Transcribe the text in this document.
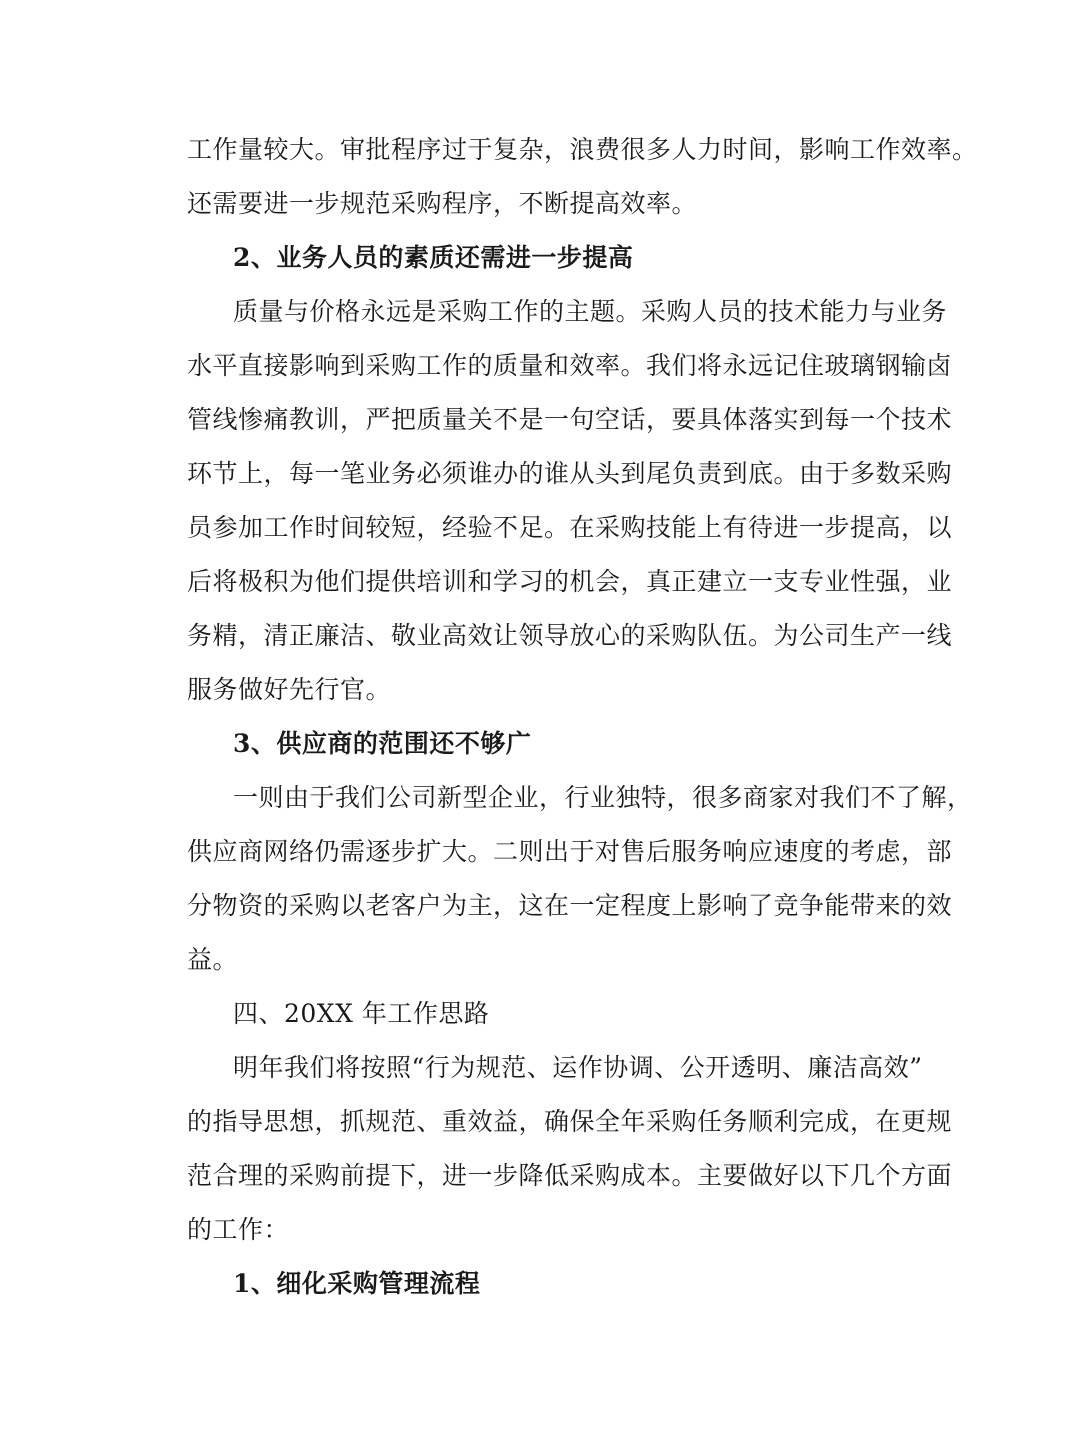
工作量较大。审批程序过于复杂，浪费很多人力时间，影响工作效率。
还需要进一步规范采购程序，不断提高效率。
2、业务人员的素质还需进一步提高
质量与价格永远是采购工作的主题。采购人员的技术能力与业务
水平直接影响到采购工作的质量和效率。我们将永远记住玻璃钢输卤
管线惨痛教训，严把质量关不是一句空话，要具体落实到每一个技术
环节上，每一笔业务必须谁办的谁从头到尾负责到底。由于多数采购
员参加工作时间较短，经验不足。在采购技能上有待进一步提高，以
后将极积为他们提供培训和学习的机会，真正建立一支专业性强，业
务精，清正廉洁、敬业高效让领导放心的采购队伍。为公司生产一线
服务做好先行官。
3、供应商的范围还不够广
一则由于我们公司新型企业，行业独特，很多商家对我们不了解，
供应商网络仍需逐步扩大。二则出于对售后服务响应速度的考虑，部
分物资的采购以老客户为主，这在一定程度上影响了竞争能带来的效
益。
四、20XX 年工作思路
明年我们将按照“行为规范、运作协调、公开透明、廉洁高效”
的指导思想，抓规范、重效益，确保全年采购任务顺利完成，在更规
范合理的采购前提下，进一步降低采购成本。主要做好以下几个方面
的工作：
1、细化采购管理流程
